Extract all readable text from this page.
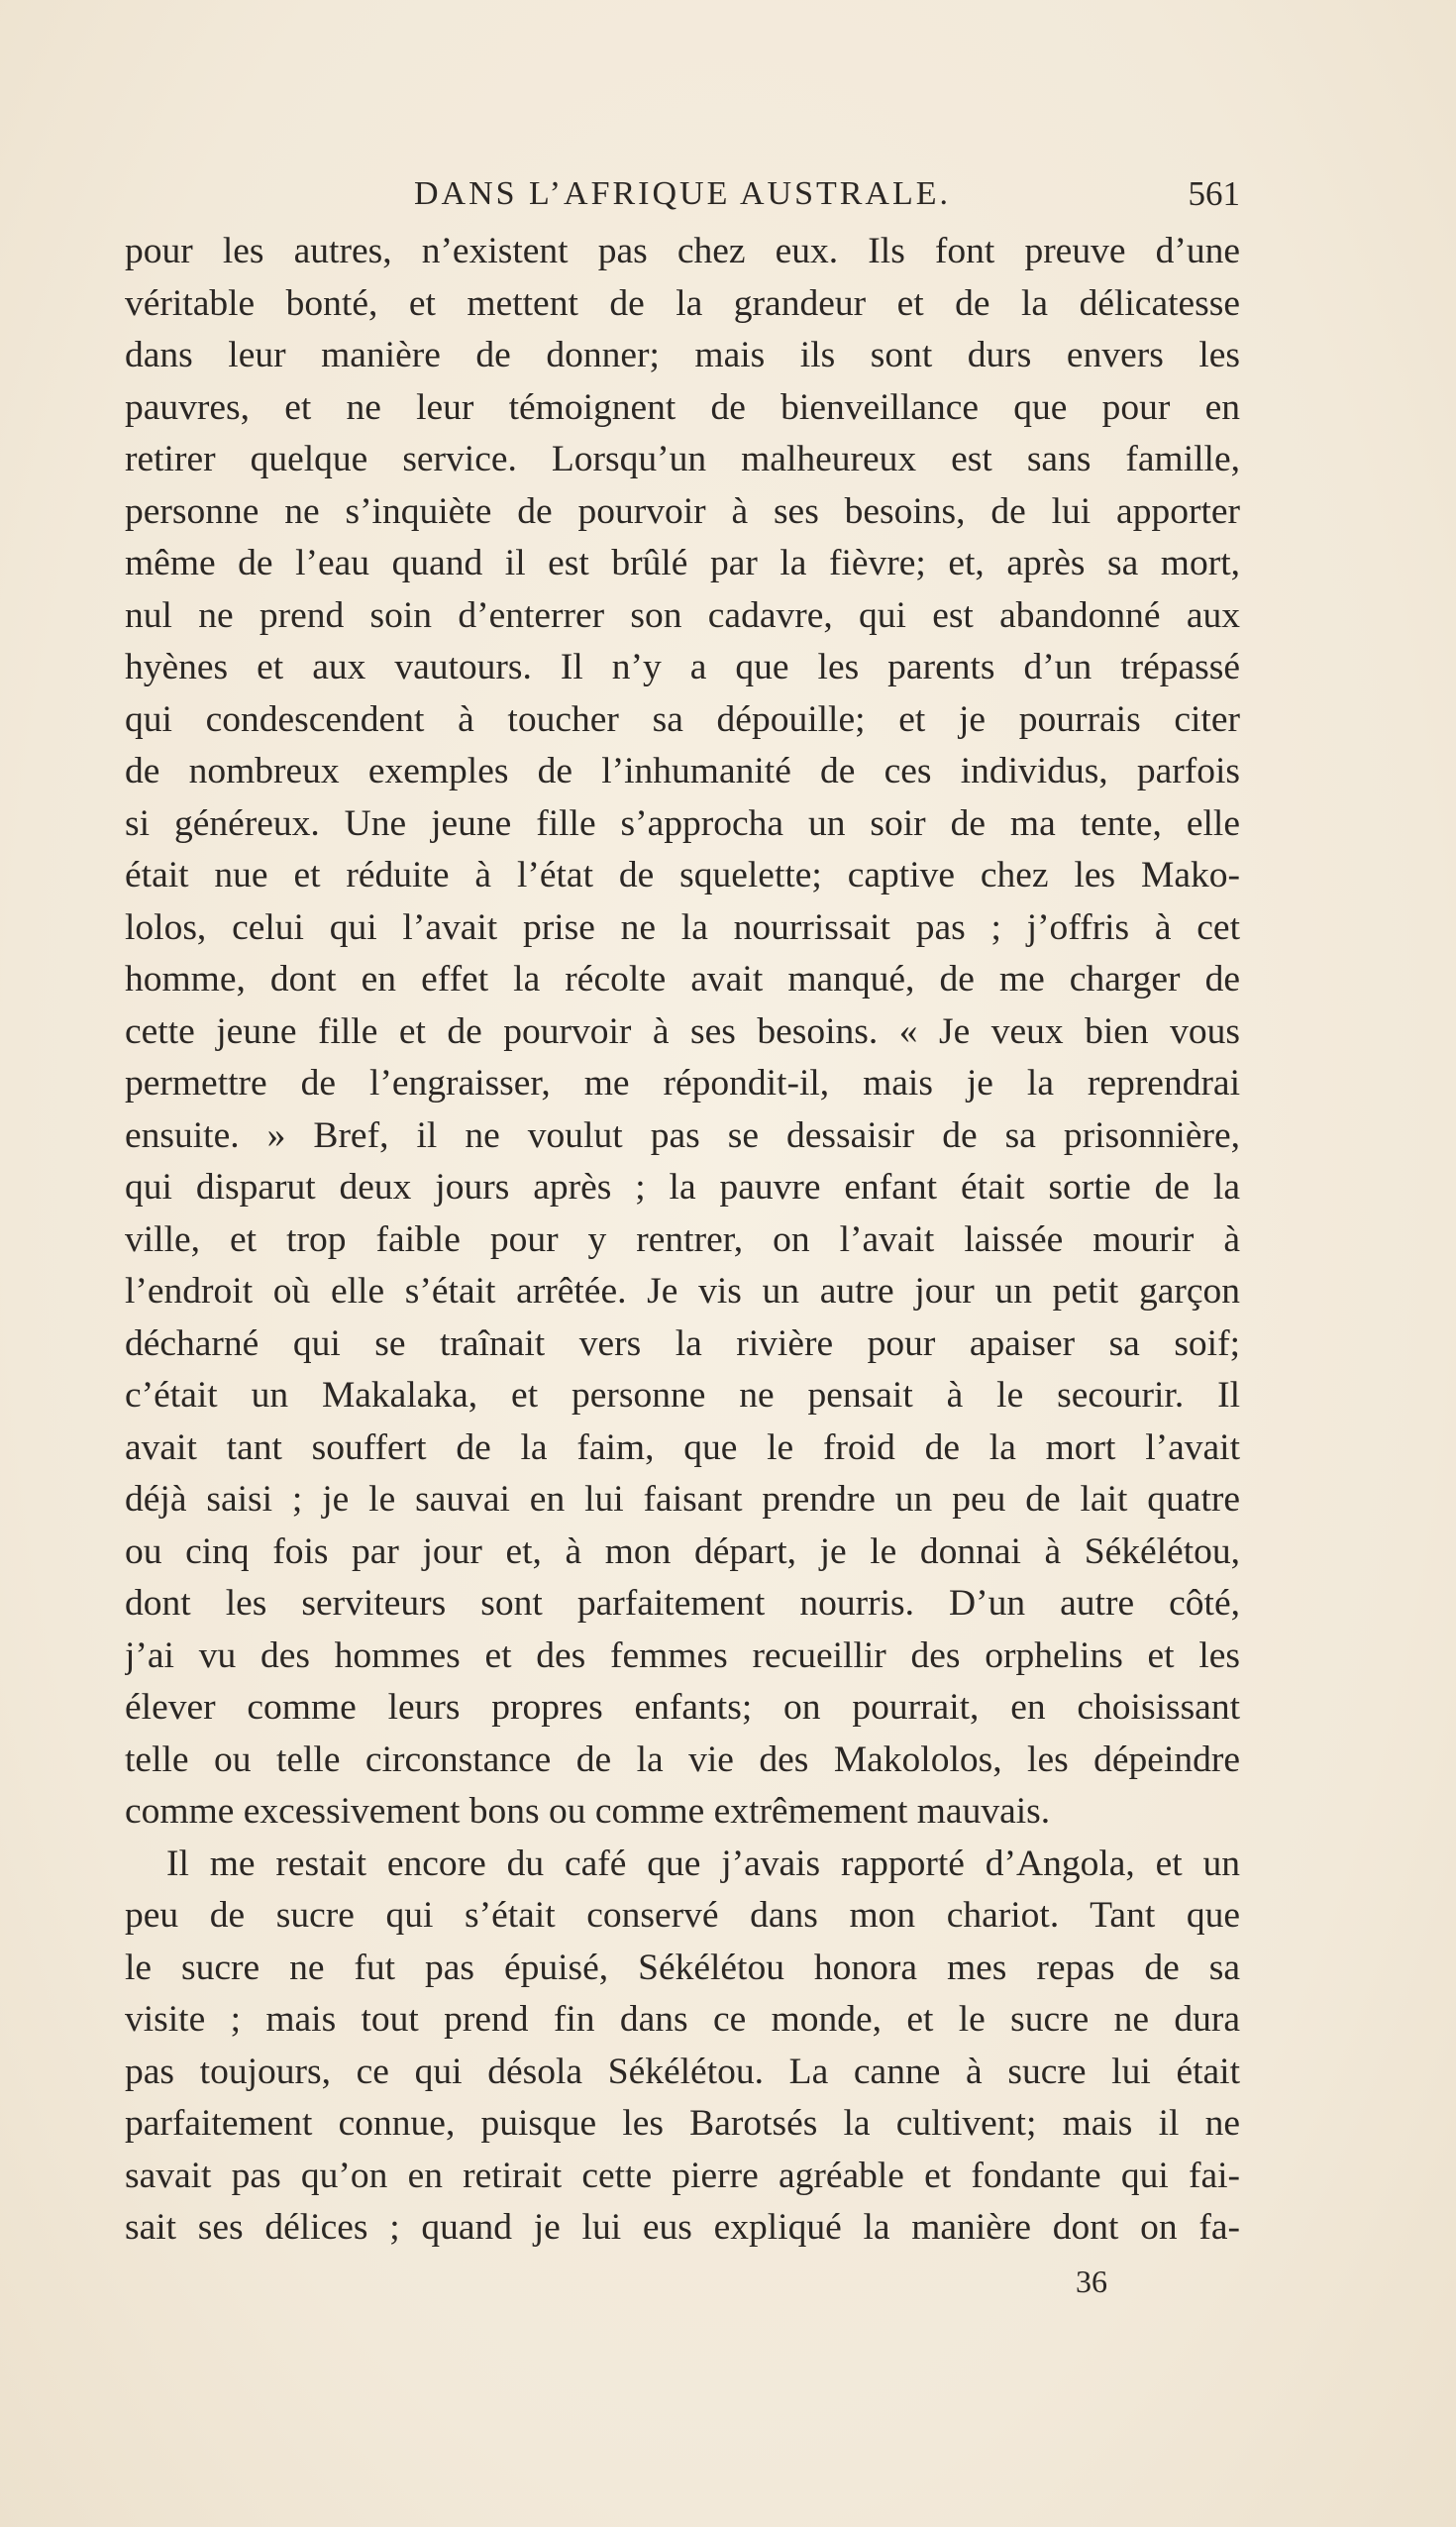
DANS L’AFRIQUE AUSTRALE.	561
pour les autres, n’existent pas chez eux. Ils font preuve d’une
véritable bonté, et mettent de la grandeur et de la délicatesse
dans leur manière de donner; mais ils sont durs envers les
pauvres, et ne leur témoignent de bienveillance que pour en
retirer quelque service. Lorsqu’un malheureux est sans famille,
personne ne s’inquiète de pourvoir à ses besoins, de lui apporter
même de l’eau quand il est brûlé par la fièvre; et, après sa mort,
nul ne prend soin d’enterrer son cadavre, qui est abandonné aux
hyènes et aux vautours. Il n’y a que les parents d’un trépassé
qui condescendent à toucher sa dépouille; et je pourrais citer
de nombreux exemples de l’inhumanité de ces individus, parfois
si généreux. Une jeune fille s’approcha un soir de ma tente, elle
était nue et réduite à l’état de squelette; captive chez les Mako-
lolos, celui qui l’avait prise ne la nourrissait pas ; j’offris à cet
homme, dont en effet la récolte avait manqué, de me charger de
cette jeune fille et de pourvoir à ses besoins. « Je veux bien vous
permettre de l’engraisser, me répondit-il, mais je la reprendrai
ensuite. » Bref, il ne voulut pas se dessaisir de sa prisonnière,
qui disparut deux jours après ; la pauvre enfant était sortie de la
ville, et trop faible pour y rentrer, on l’avait laissée mourir à
l’endroit où elle s’était arrêtée. Je vis un autre jour un petit garçon
décharné qui se traînait vers la rivière pour apaiser sa soif;
c’était un Makalaka, et personne ne pensait à le secourir. Il
avait tant souffert de la faim, que le froid de la mort l’avait
déjà saisi ; je le sauvai en lui faisant prendre un peu de lait quatre
ou cinq fois par jour et, à mon départ, je le donnai à Sékélétou,
dont les serviteurs sont parfaitement nourris. D’un autre côté,
j’ai vu des hommes et des femmes recueillir des orphelins et les
élever comme leurs propres enfants; on pourrait, en choisissant
telle ou telle circonstance de la vie des Makololos, les dépeindre
comme excessivement bons ou comme extrêmement mauvais.
Il me restait encore du café que j’avais rapporté d’Angola, et un
peu de sucre qui s’était conservé dans mon chariot. Tant que
le sucre ne fut pas épuisé, Sékélétou honora mes repas de sa
visite ; mais tout prend fin dans ce monde, et le sucre ne dura
pas toujours, ce qui désola Sékélétou. La canne à sucre lui était
parfaitement connue, puisque les Barotsés la cultivent; mais il ne
savait pas qu’on en retirait cette pierre agréable et fondante qui fai-
sait ses délices ; quand je lui eus expliqué la manière dont on fa-
36
